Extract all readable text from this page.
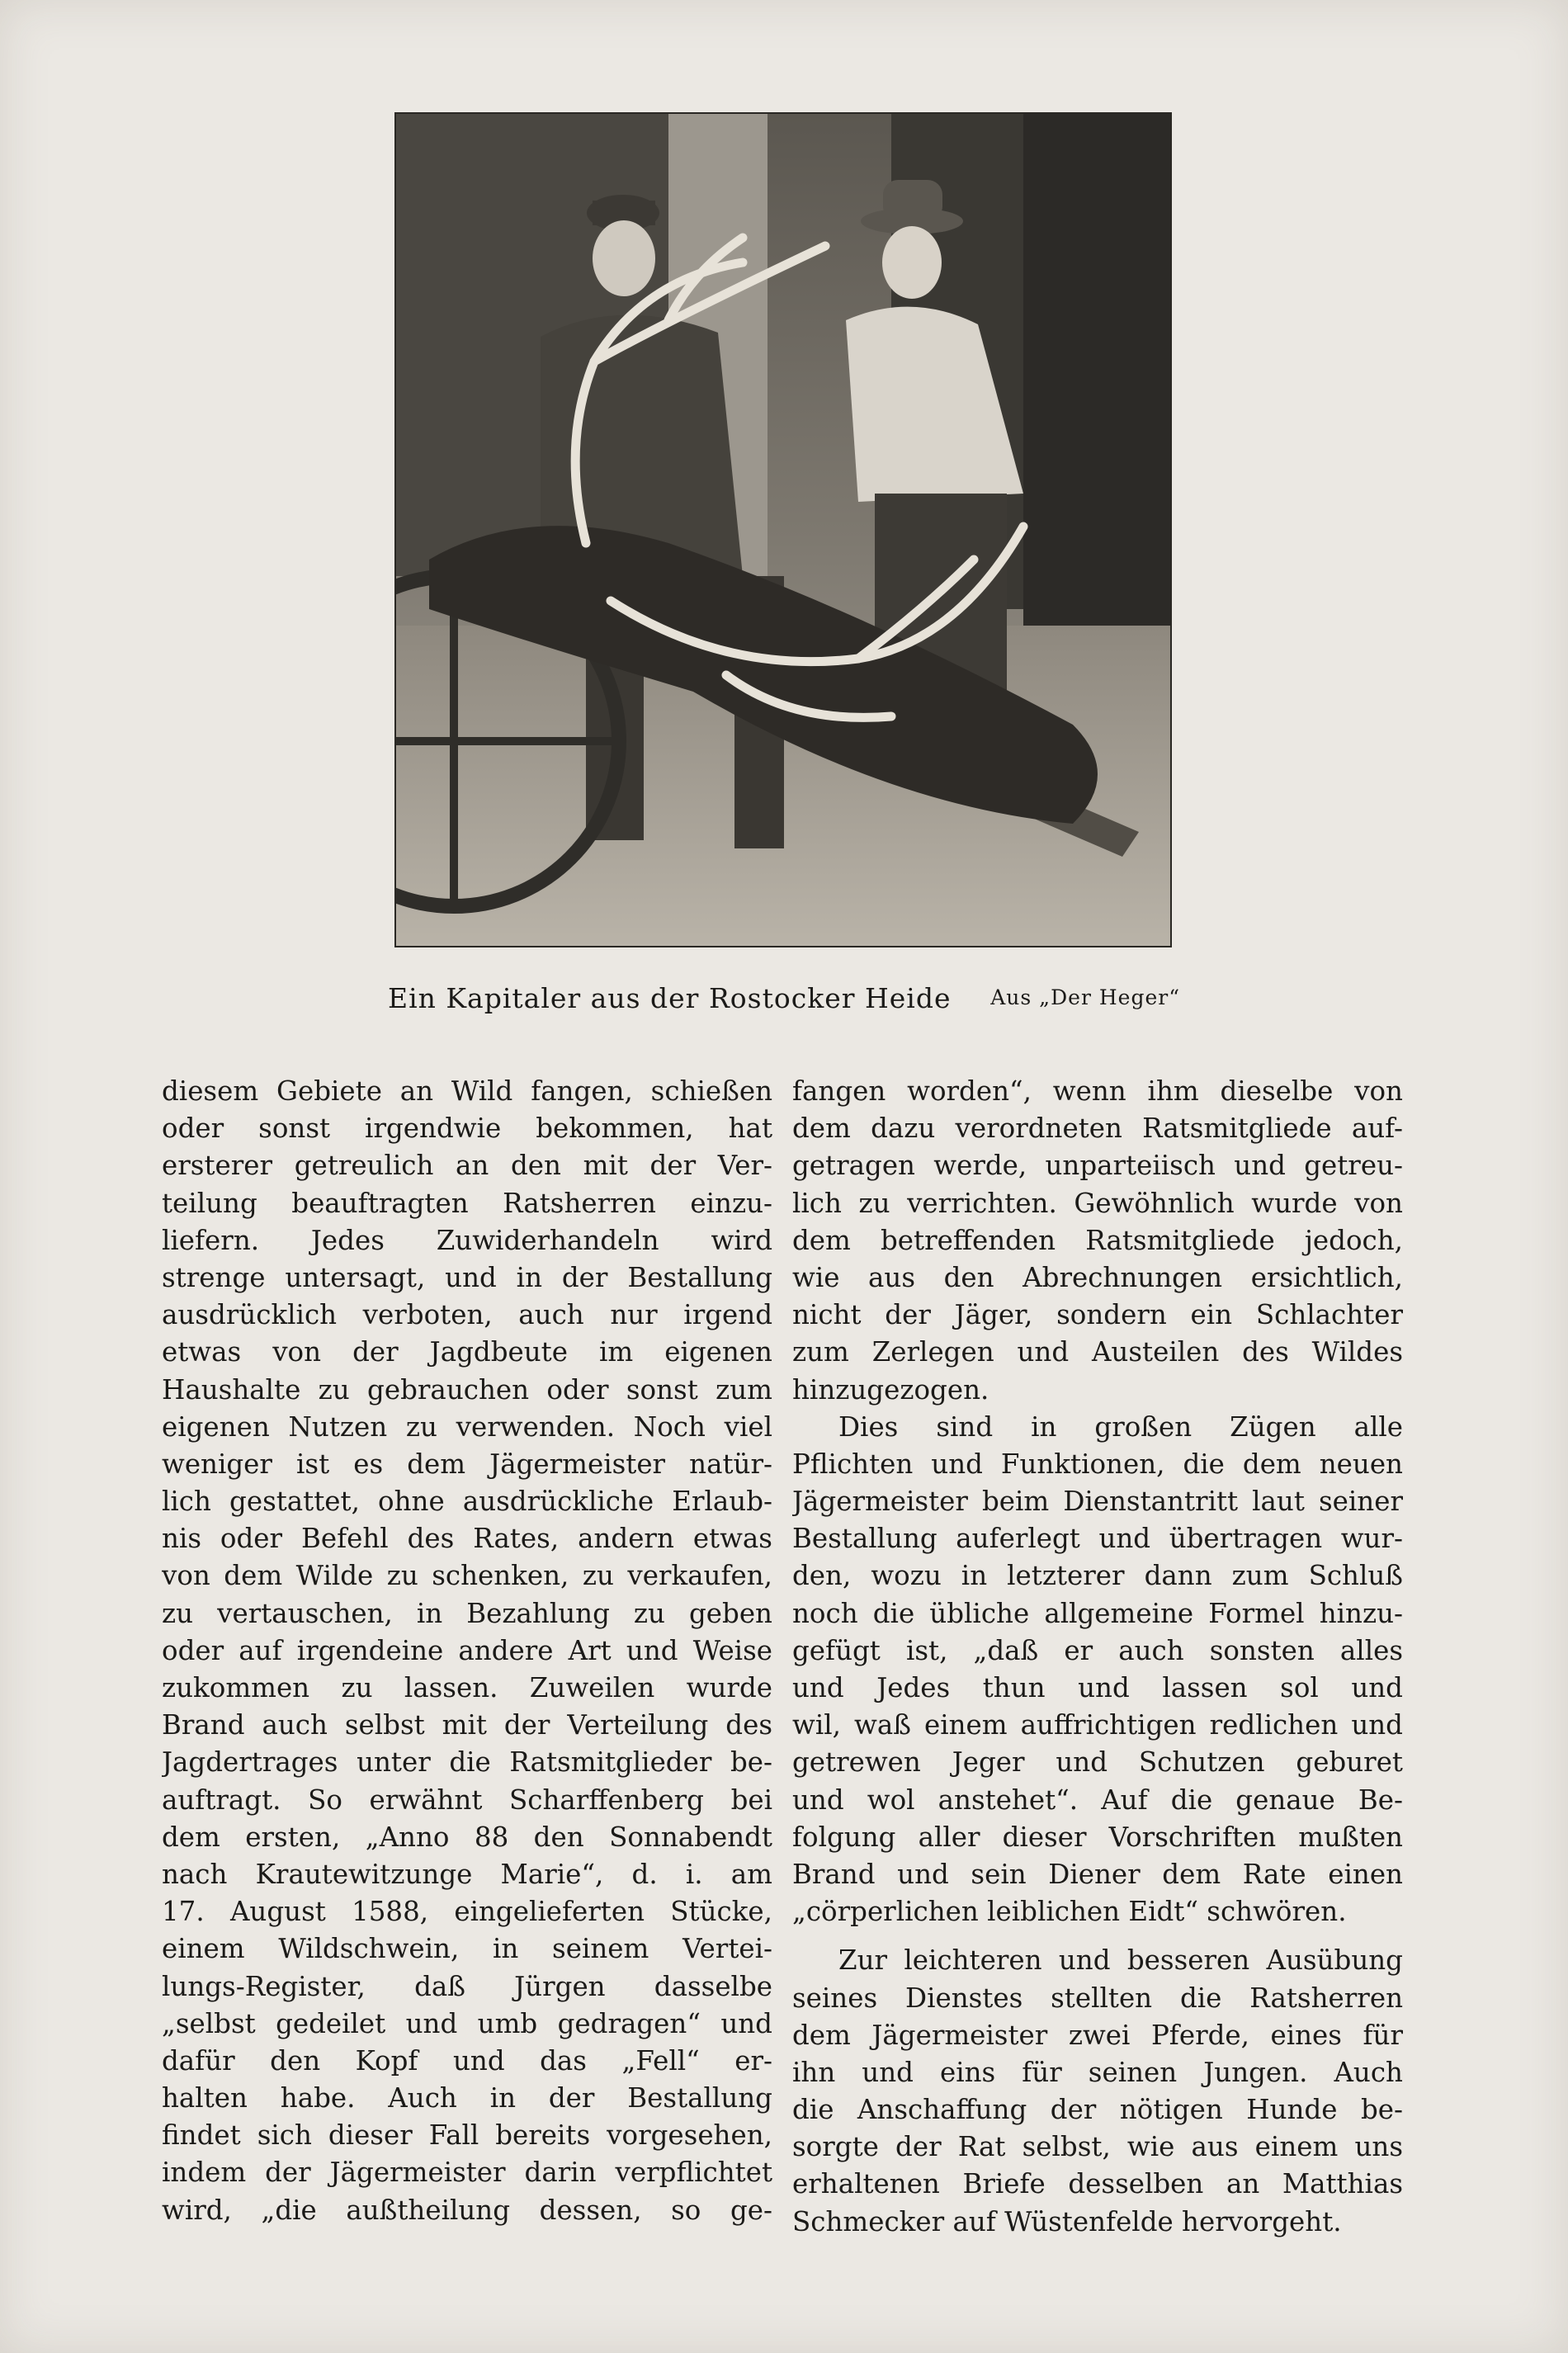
Ein Kapitaler aus der Rostocker Heide Aus „Der Heger“
diesem Gebiete an Wild fangen, schießen
oder sonst irgendwie bekommen, hat
ersterer getreulich an den mit der Ver-
teilung beauftragten Ratsherren einzu-
liefern. Jedes Zuwiderhandeln wird
strenge untersagt, und in der Bestallung
ausdrücklich verboten, auch nur irgend
etwas von der Jagdbeute im eigenen
Haushalte zu gebrauchen oder sonst zum
eigenen Nutzen zu verwenden. Noch viel
weniger ist es dem Jägermeister natür-
lich gestattet, ohne ausdrückliche Erlaub-
nis oder Befehl des Rates, andern etwas
von dem Wilde zu schenken, zu verkaufen,
zu vertauschen, in Bezahlung zu geben
oder auf irgendeine andere Art und Weise
zukommen zu lassen. Zuweilen wurde
Brand auch selbst mit der Verteilung des
Jagdertrages unter die Ratsmitglieder be-
auftragt. So erwähnt Scharffenberg bei
dem ersten, „Anno 88 den Sonnabendt
nach Krautewitzunge Marie“, d. i. am
17. August 1588, eingelieferten Stücke,
einem Wildschwein, in seinem Vertei-
lungs-Register, daß Jürgen dasselbe
„selbst gedeilet und umb gedragen“ und
dafür den Kopf und das „Fell“ er-
halten habe. Auch in der Bestallung
findet sich dieser Fall bereits vorgesehen,
indem der Jägermeister darin verpflichtet
wird, „die außtheilung dessen, so ge-
fangen worden“, wenn ihm dieselbe von
dem dazu verordneten Ratsmitgliede auf-
getragen werde, unparteiisch und getreu-
lich zu verrichten. Gewöhnlich wurde von
dem betreffenden Ratsmitgliede jedoch,
wie aus den Abrechnungen ersichtlich,
nicht der Jäger, sondern ein Schlachter
zum Zerlegen und Austeilen des Wildes
hinzugezogen.
Dies sind in großen Zügen alle
Pflichten und Funktionen, die dem neuen
Jägermeister beim Dienstantritt laut seiner
Bestallung auferlegt und übertragen wur-
den, wozu in letzterer dann zum Schluß
noch die übliche allgemeine Formel hinzu-
gefügt ist, „daß er auch sonsten alles
und Jedes thun und lassen sol und
wil, waß einem auffrichtigen redlichen und
getrewen Jeger und Schutzen geburet
und wol anstehet“. Auf die genaue Be-
folgung aller dieser Vorschriften mußten
Brand und sein Diener dem Rate einen
„cörperlichen leiblichen Eidt“ schwören.
Zur leichteren und besseren Ausübung
seines Dienstes stellten die Ratsherren
dem Jägermeister zwei Pferde, eines für
ihn und eins für seinen Jungen. Auch
die Anschaffung der nötigen Hunde be-
sorgte der Rat selbst, wie aus einem uns
erhaltenen Briefe desselben an Matthias
Schmecker auf Wüstenfelde hervorgeht.
